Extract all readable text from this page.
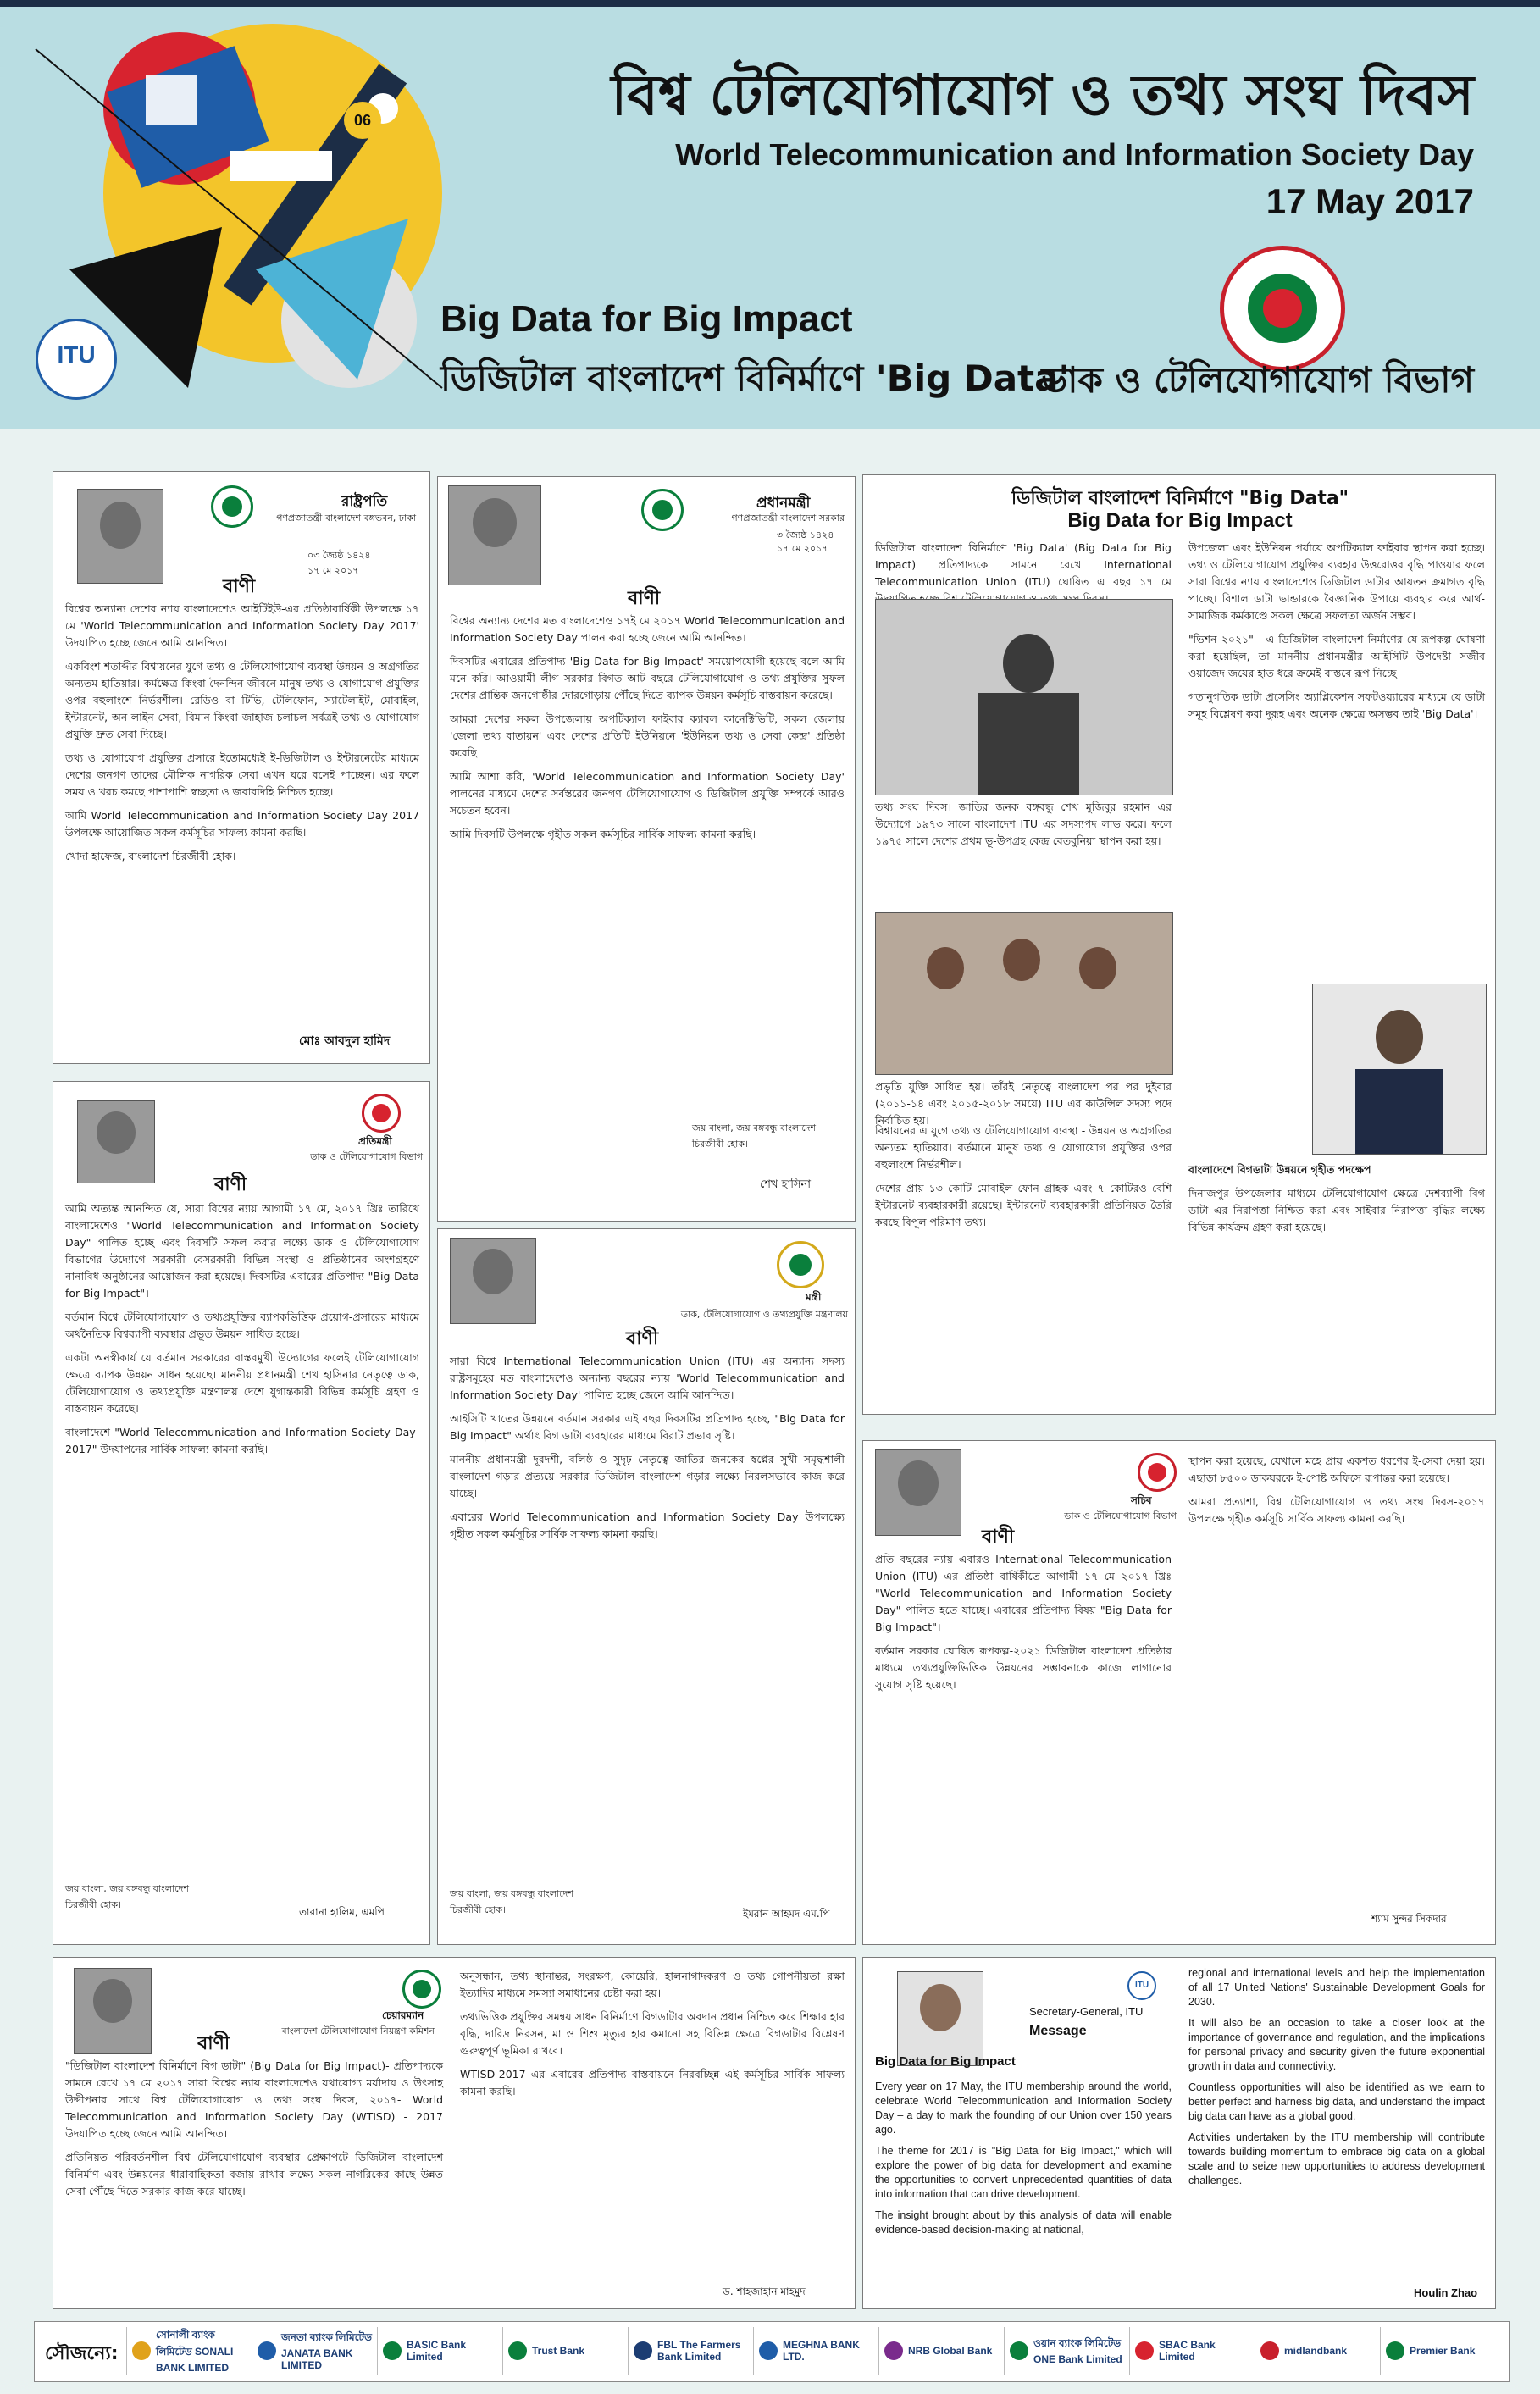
ITU
06	বিশ্ব টেলিযোগাযোগ ও তথ্য সংঘ দিবস
World Telecommunication and Information Society Day
17 May 2017
Big Data for Big Impact
ডিজিটাল বাংলাদেশ বিনির্মাণে 'Big Data'
ডাক ও টেলিযোগাযোগ বিভাগ
রাষ্ট্রপতি
গণপ্রজাতন্ত্রী বাংলাদেশ বঙ্গভবন, ঢাকা।
০৩ জ্যৈষ্ঠ ১৪২৪
১৭ মে ২০১৭
বাণী

বিশ্বের অন্যান্য দেশের ন্যায় বাংলাদেশেও আইটিইউ-এর প্রতিষ্ঠাবার্ষিকী উপলক্ষে ১৭ মে 'World Telecommunication and Information Society Day 2017' উদযাপিত হচ্ছে জেনে আমি আনন্দিত।

একবিংশ শতাব্দীর বিশ্বায়নের যুগে তথ্য ও টেলিযোগাযোগ ব্যবস্থা উন্নয়ন ও অগ্রগতির অন্যতম হাতিয়ার। কর্মক্ষেত্র কিংবা দৈনন্দিন জীবনে মানুষ তথ্য ও যোগাযোগ প্রযুক্তির ওপর বহুলাংশে নির্ভরশীল। রেডিও বা টিভি, টেলিফোন, স্যাটেলাইট, মোবাইল, ইন্টারনেট, অন-লাইন সেবা, বিমান কিংবা জাহাজ চলাচল সর্বত্রই তথ্য ও যোগাযোগ প্রযুক্তি দ্রুত সেবা দিচ্ছে।

তথ্য ও যোগাযোগ প্রযুক্তির প্রসারে ইতোমধ্যেই ই-ডিজিটাল ও ইন্টারনেটের মাধ্যমে দেশের জনগণ তাদের মৌলিক নাগরিক সেবা এখন ঘরে বসেই পাচ্ছেন। এর ফলে সময় ও খরচ কমছে পাশাপাশি স্বচ্ছতা ও জবাবদিহি নিশ্চিত হচ্ছে।

আমি World Telecommunication and Information Society Day 2017 উপলক্ষে আয়োজিত সকল কর্মসূচির সাফল্য কামনা করছি।

খোদা হাফেজ, বাংলাদেশ চিরজীবী হোক।

মোঃ আবদুল হামিদ
প্রতিমন্ত্রী
ডাক ও টেলিযোগাযোগ বিভাগ
বাণী

আমি অত্যন্ত আনন্দিত যে, সারা বিশ্বের ন্যায় আগামী ১৭ মে, ২০১৭ খ্রিঃ তারিখে বাংলাদেশেও "World Telecommunication and Information Society Day" পালিত হচ্ছে এবং দিবসটি সফল করার লক্ষ্যে ডাক ও টেলিযোগাযোগ বিভাগের উদ্যোগে সরকারী বেসরকারী বিভিন্ন সংস্থা ও প্রতিষ্ঠানের অংশগ্রহণে নানাবিধ অনুষ্ঠানের আয়োজন করা হয়েছে। দিবসটির এবারের প্রতিপাদ্য "Big Data for Big Impact"।

বর্তমান বিশ্বে টেলিযোগাযোগ ও তথ্যপ্রযুক্তির ব্যাপকভিত্তিক প্রয়োগ-প্রসারের মাধ্যমে অর্থনৈতিক বিশ্বব্যাপী ব্যবস্থার প্রভূত উন্নয়ন সাধিত হচ্ছে।

একটা অনস্বীকার্য যে বর্তমান সরকারের বাস্তবমুখী উদ্যোগের ফলেই টেলিযোগাযোগ ক্ষেত্রে ব্যাপক উন্নয়ন সাধন হয়েছে। মাননীয় প্রধানমন্ত্রী শেখ হাসিনার নেতৃত্বে ডাক, টেলিযোগাযোগ ও তথ্যপ্রযুক্তি মন্ত্রণালয় দেশে যুগান্তকারী বিভিন্ন কর্মসূচি গ্রহণ ও বাস্তবায়ন করেছে।

বাংলাদেশে "World Telecommunication and Information Society Day-2017" উদযাপনের সার্বিক সাফল্য কামনা করছি।

জয় বাংলা, জয় বঙ্গবন্ধু বাংলাদেশ চিরজীবী হোক।
তারানা হালিম, এমপি
প্রধানমন্ত্রী
গণপ্রজাতন্ত্রী বাংলাদেশ সরকার
৩ জ্যৈষ্ঠ ১৪২৪
১৭ মে ২০১৭
বাণী

বিশ্বের অন্যান্য দেশের মত বাংলাদেশেও ১৭ই মে ২০১৭ World Telecommunication and Information Society Day পালন করা হচ্ছে জেনে আমি আনন্দিত।

দিবসটির এবারের প্রতিপাদ্য 'Big Data for Big Impact' সময়োপযোগী হয়েছে বলে আমি মনে করি। আওয়ামী লীগ সরকার বিগত আট বছরে টেলিযোগাযোগ ও তথ্য-প্রযুক্তির সুফল দেশের প্রান্তিক জনগোষ্ঠীর দোরগোড়ায় পৌঁছে দিতে ব্যাপক উন্নয়ন কর্মসূচি বাস্তবায়ন করেছে।

আমরা দেশের সকল উপজেলায় অপটিক্যাল ফাইবার ক্যাবল কানেক্টিভিটি, সকল জেলায় 'জেলা তথ্য বাতায়ন' এবং দেশের প্রতিটি ইউনিয়নে 'ইউনিয়ন তথ্য ও সেবা কেন্দ্র' প্রতিষ্ঠা করেছি।

আমি আশা করি, 'World Telecommunication and Information Society Day' পালনের মাধ্যমে দেশের সর্বস্তরের জনগণ টেলিযোগাযোগ ও ডিজিটাল প্রযুক্তি সম্পর্কে আরও সচেতন হবেন।

আমি দিবসটি উপলক্ষে গৃহীত সকল কর্মসূচির সার্বিক সাফল্য কামনা করছি।

জয় বাংলা, জয় বঙ্গবন্ধু বাংলাদেশ চিরজীবী হোক।
শেখ হাসিনা
মন্ত্রী
ডাক, টেলিযোগাযোগ ও তথ্যপ্রযুক্তি মন্ত্রণালয়
বাণী

সারা বিশ্বে International Telecommunication Union (ITU) এর অন্যান্য সদস্য রাষ্ট্রসমূহের মত বাংলাদেশেও অন্যান্য বছরের ন্যায় 'World Telecommunication and Information Society Day' পালিত হচ্ছে জেনে আমি আনন্দিত।

আইসিটি খাতের উন্নয়নে বর্তমান সরকার এই বছর দিবসটির প্রতিপাদ্য হচ্ছে, "Big Data for Big Impact" অর্থাৎ বিগ ডাটা ব্যবহারের মাধ্যমে বিরাট প্রভাব সৃষ্টি।

মাননীয় প্রধানমন্ত্রী দূরদর্শী, বলিষ্ঠ ও সুদৃঢ় নেতৃত্বে জাতির জনকের স্বপ্নের সুখী সমৃদ্ধশালী বাংলাদেশ গড়ার প্রত্যয়ে সরকার ডিজিটাল বাংলাদেশ গড়ার লক্ষ্যে নিরলসভাবে কাজ করে যাচ্ছে।

এবারের World Telecommunication and Information Society Day উপলক্ষ্যে গৃহীত সকল কর্মসূচির সার্বিক সাফল্য কামনা করছি।

জয় বাংলা, জয় বঙ্গবন্ধু বাংলাদেশ চিরজীবী হোক।	ইমরান আহমদ এম.পি
ডিজিটাল বাংলাদেশ বিনির্মাণে "Big Data"
Big Data for Big Impact

ডিজিটাল বাংলাদেশ বিনির্মাণে 'Big Data' (Big Data for Big Impact) প্রতিপাদ্যকে সামনে রেখে International Telecommunication Union (ITU) ঘোষিত এ বছর ১৭ মে

তথ্য সংঘ দিবস। জাতির জনক বঙ্গবন্ধু শেখ মুজিবুর রহমান এর উদ্যোগে ১৯৭৩ সালে বাংলাদেশ ITU এর সদস্যপদ লাভ করে। ফলে ১৯৭৫ সালে দেশের প্রথম ভূ-উপগ্রহ কেন্দ্র বেতবুনিয়া স্থাপন করা হয়।

প্রভৃতি যুক্তি সাধিত হয়। তাঁরই নেতৃত্বে বাংলাদেশ পর পর দুইবার (২০১১-১৪ এবং ২০১৫-২০১৮ সময়ে) ITU এর কাউন্সিল সদস্য পদে নির্বাচিত হয়।

বিশ্বায়নের এ যুগে তথ্য ও টেলিযোগাযোগ ব্যবস্থা - উন্নয়ন ও অগ্রগতির অন্যতম হাতিয়ার। বর্তমানে মানুষ তথ্য ও যোগাযোগ প্রযুক্তির ওপর বহুলাংশে নির্ভরশীল।

দেশের প্রায় ১৩ কোটি মোবাইল ফোন গ্রাহক এবং ৭ কোটিরও বেশি ইন্টারনেট ব্যবহারকারী রয়েছে। ইন্টারনেট ব্যবহারকারী প্রতিনিয়ত তৈরি করছে বিপুল পরিমাণ তথ্য।

উপজেলা এবং ইউনিয়ন পর্যায়ে অপটিক্যাল ফাইবার স্থাপন করা হচ্ছে। তথ্য ও টেলিযোগাযোগ প্রযুক্তির ব্যবহার উত্তরোত্তর বৃদ্ধি পাওয়ার ফলে সারা বিশ্বের ন্যায় বাংলাদেশেও ডিজিটাল ডাটার আয়তন ক্রমাগত বৃদ্ধি পাচ্ছে। বিশাল ডাটা ভান্ডারকে বৈজ্ঞানিক উপায়ে ব্যবহার করে আর্থ-সামাজিক কর্মকাণ্ডে সকল ক্ষেত্রে সফলতা অর্জন সম্ভব।

"ভিশন ২০২১" - এ ডিজিটাল বাংলাদেশ নির্মাণের যে রূপকল্প ঘোষণা করা হয়েছিল, তা মাননীয় প্রধানমন্ত্রীর আইসিটি উপদেষ্টা সজীব ওয়াজেদ জয়ের হাত ধরে ক্রমেই বাস্তবে রূপ নিচ্ছে।

গতানুগতিক ডাটা প্রসেসিং অ্যাপ্লিকেশন সফটওয়্যারের মাধ্যমে যে ডাটা সমূহ বিশ্লেষণ করা দুরূহ এবং অনেক ক্ষেত্রে অসম্ভব তাই 'Big Data'।

বাংলাদেশে বিগডাটা উন্নয়নে গৃহীত পদক্ষেপ

দিনাজপুর উপজেলার মাধ্যমে টেলিযোগাযোগ ক্ষেত্রে দেশব্যাপী বিগ ডাটা এর নিরাপত্তা নিশ্চিত করা এবং সাইবার নিরাপত্তা বৃদ্ধির লক্ষ্যে বিভিন্ন কার্যক্রম গ্রহণ করা হয়েছে।

সচিব
ডাক ও টেলিযোগাযোগ বিভাগ
বাণী

প্রতি বছরের ন্যায় এবারও International Telecommunication Union (ITU) এর প্রতিষ্ঠা বার্ষিকীতে আগামী ১৭ মে ২০১৭ খ্রিঃ "World Telecommunication and Information Society Day" পালিত হতে যাচ্ছে। এবারের প্রতিপাদ্য বিষয় "Big Data for Big Impact"।

বর্তমান সরকার ঘোষিত রূপকল্প-২০২১ ডিজিটাল বাংলাদেশ প্রতিষ্ঠার মাধ্যমে তথ্যপ্রযুক্তিভিত্তিক উন্নয়নের সম্ভাবনাকে কাজে লাগানোর সুযোগ সৃষ্টি হয়েছে।

স্থাপন করা হয়েছে, যেখানে মহে প্রায় একশত ধরণের ই-সেবা দেয়া হয়। এছাড়া ৮৫০০ ডাকঘরকে ই-পোষ্ট অফিসে রূপান্তর করা হয়েছে।

আমরা প্রত্যাশা, বিশ্ব টেলিযোগাযোগ ও তথ্য সংঘ দিবস-২০১৭ উপলক্ষে গৃহীত কর্মসূচি সার্বিক সাফল্য কামনা করছি।

শ্যাম সুন্দর সিকদার
চেয়ারম্যান
বাংলাদেশ টেলিযোগাযোগ নিয়ন্ত্রণ কমিশন
বাণী

"ডিজিটাল বাংলাদেশ বিনির্মাণে বিগ ডাটা" (Big Data for Big Impact)- প্রতিপাদ্যকে সামনে রেখে ১৭ মে ২০১৭ সারা বিশ্বের ন্যায় বাংলাদেশেও যথাযোগ্য মর্যাদায় ও উৎসাহ উদ্দীপনার সাথে বিশ্ব টেলিযোগাযোগ ও তথ্য সংঘ দিবস, ২০১৭- World Telecommunication and Information Society Day (WTISD) - 2017 উদযাপিত হচ্ছে জেনে আমি আনন্দিত।

প্রতিনিয়ত পরিবর্তনশীল বিশ্ব টেলিযোগাযোগ ব্যবস্থার প্রেক্ষাপটে ডিজিটাল বাংলাদেশ বিনির্মাণ এবং উন্নয়নের ধারাবাহিকতা বজায় রাখার লক্ষ্যে সকল নাগরিকের কাছে উন্নত সেবা পৌঁছে দিতে সরকার কাজ করে যাচ্ছে।

অনুসন্ধান, তথ্য স্থানান্তর, সংরক্ষণ, কোয়েরি, হালনাগাদকরণ ও তথ্য গোপনীয়তা রক্ষা ইত্যাদির মাধ্যমে সমস্যা সমাধানের চেষ্টা করা হয়।

তথ্যভিত্তিক প্রযুক্তির সমন্বয় সাধন বিনির্মাণে বিগডাটার অবদান প্রধান নিশ্চিত করে শিক্ষার হার বৃদ্ধি, দারিদ্র নিরসন, মা ও শিশু মৃত্যুর হার কমানো সহ বিভিন্ন ক্ষেত্রে বিগডাটার বিশ্লেষণ গুরুত্বপূর্ণ ভূমিকা রাখবে।

WTISD-2017 এর এবারের প্রতিপাদ্য বাস্তবায়নে নিরবচ্ছিন্ন এই কর্মসূচির সার্বিক সাফল্য কামনা করছি।

ড. শাহজাহান মাহমুদ
ITU
Secretary-General, ITU
Message
Big Data for Big Impact

Every year on 17 May, the ITU membership around the world, celebrate World Telecommunication and Information Society Day – a day to mark the founding of our Union over 150 years ago.

The theme for 2017 is "Big Data for Big Impact," which will explore the power of big data for development and examine the opportunities to convert unprecedented quantities of data into information that can drive development.

The insight brought about by this analysis of data will enable evidence-based decision-making at national,

regional and international levels and help the implementation of all 17 United Nations' Sustainable Development Goals for 2030.

It will also be an occasion to take a closer look at the importance of governance and regulation, and the implications for personal privacy and security given the future exponential growth in data and connectivity.

Countless opportunities will also be identified as we learn to better perfect and harness big data, and understand the impact big data can have as a global good.

Activities undertaken by the ITU membership will contribute towards building momentum to embrace big data on a global scale and to seize new opportunities to address development challenges.

Houlin Zhao
সৌজন্যে:
সোনালী ব্যাংক লিমিটেড SONALI BANK LIMITED
জনতা ব্যাংক লিমিটেড JANATA BANK LIMITED
BASIC Bank Limited	Trust Bank	FBL The Farmers Bank Limited
MEGHNA BANK LTD.	NRB Global Bank
ওয়ান ব্যাংক লিমিটেড ONE Bank Limited
SBAC Bank Limited	midlandbank	Premier Bank
